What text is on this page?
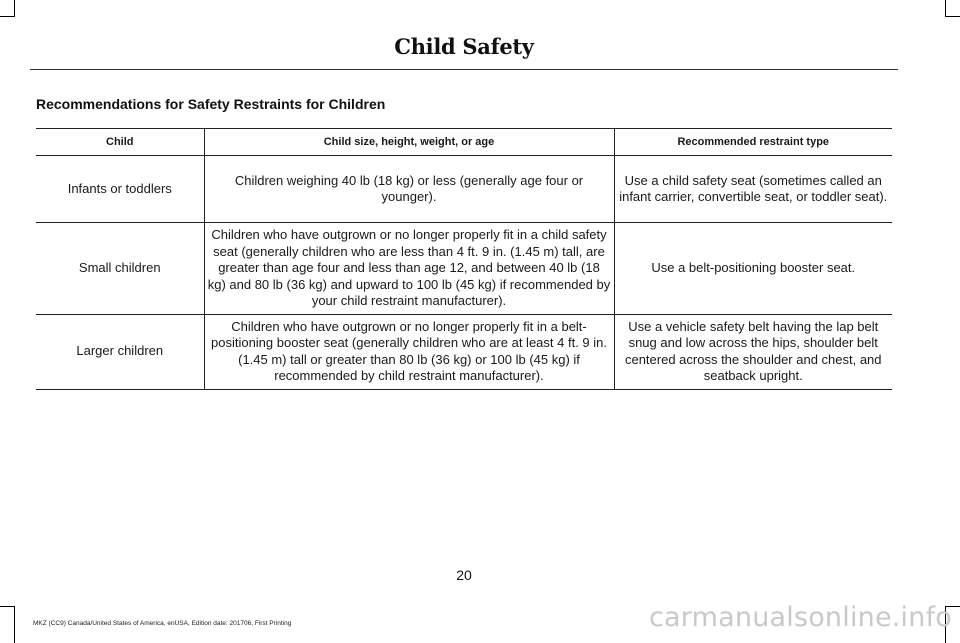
Child Safety
Recommendations for Safety Restraints for Children
Child	Child size, height, weight, or age	Recommended restraint type
Infants or toddlers	Children weighing 40 lb (18 kg) or less (generally age four or younger).	Use a child safety seat (sometimes called an infant carrier, convertible seat, or toddler seat).
Small children	Children who have outgrown or no longer properly fit in a child safety seat (generally children who are less than 4 ft. 9 in. (1.45 m) tall, are greater than age four and less than age 12, and between 40 lb (18 kg) and 80 lb (36 kg) and upward to 100 lb (45 kg) if recommended by your child restraint manufacturer).	Use a belt-positioning booster seat.
Larger children	Children who have outgrown or no longer properly fit in a belt-positioning booster seat (generally children who are at least 4 ft. 9 in. (1.45 m) tall or greater than 80 lb (36 kg) or 100 lb (45 kg) if recommended by child restraint manufacturer).	Use a vehicle safety belt having the lap belt snug and low across the hips, shoulder belt centered across the shoulder and chest, and seatback upright.
20
MKZ (CC9) Canada/United States of America, enUSA, Edition date: 201706, First Printing	carmanualsonline.info
